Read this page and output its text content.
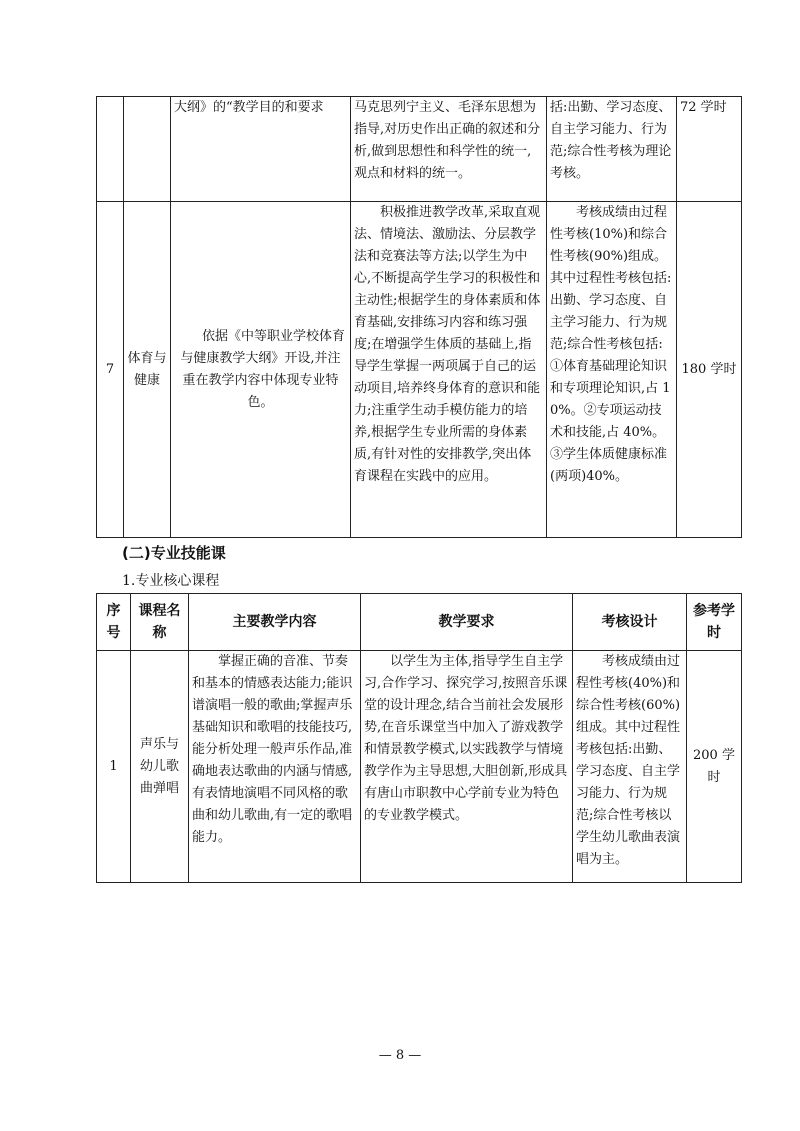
		大纲》的“教学目的和要求	马克思列宁主义、毛泽东思想为指导,对历史作出正确的叙述和分析,做到思想性和科学性的统一,观点和材料的统一。	括:出勤、学习态度、自主学习能力、行为范;综合性考核为理论考核。	72 学时
7	体育与健康	依据《中等职业学校体育与健康教学大纲》开设,并注重在教学内容中体现专业特色。	积极推进教学改革,采取直观法、情境法、激励法、分层教学法和竞赛法等方法;以学生为中心,不断提高学生学习的积极性和主动性;根据学生的身体素质和体育基础,安排练习内容和练习强度;在增强学生体质的基础上,指导学生掌握一两项属于自己的运动项目,培养终身体育的意识和能力;注重学生动手模仿能力的培养,根据学生专业所需的身体素质,有针对性的安排教学,突出体育课程在实践中的应用。	考核成绩由过程性考核(10%)和综合性考核(90%)组成。其中过程性考核包括:出勤、学习态度、自主学习能力、行为规范;综合性考核包括:①体育基础理论知识和专项理论知识,占 10%。②专项运动技术和技能,占 40%。③学生体质健康标准(两项)40%。	180 学时
(二)专业技能课
1.专业核心课程
序号	课程名称	主要教学内容	教学要求	考核设计	参考学时
1	声乐与幼儿歌曲弹唱	掌握正确的音准、节奏和基本的情感表达能力;能识谱演唱一般的歌曲;掌握声乐基础知识和歌唱的技能技巧,能分析处理一般声乐作品,准确地表达歌曲的内涵与情感,有表情地演唱不同风格的歌曲和幼儿歌曲,有一定的歌唱能力。	以学生为主体,指导学生自主学习,合作学习、探究学习,按照音乐课堂的设计理念,结合当前社会发展形势,在音乐课堂当中加入了游戏教学和情景教学模式,以实践教学与情境教学作为主导思想,大胆创新,形成具有唐山市职教中心学前专业为特色的专业教学模式。	考核成绩由过程性考核(40%)和综合性考核(60%)组成。其中过程性考核包括:出勤、学习态度、自主学习能力、行为规范;综合性考核以学生幼儿歌曲表演唱为主。	200 学时
— 8 —
